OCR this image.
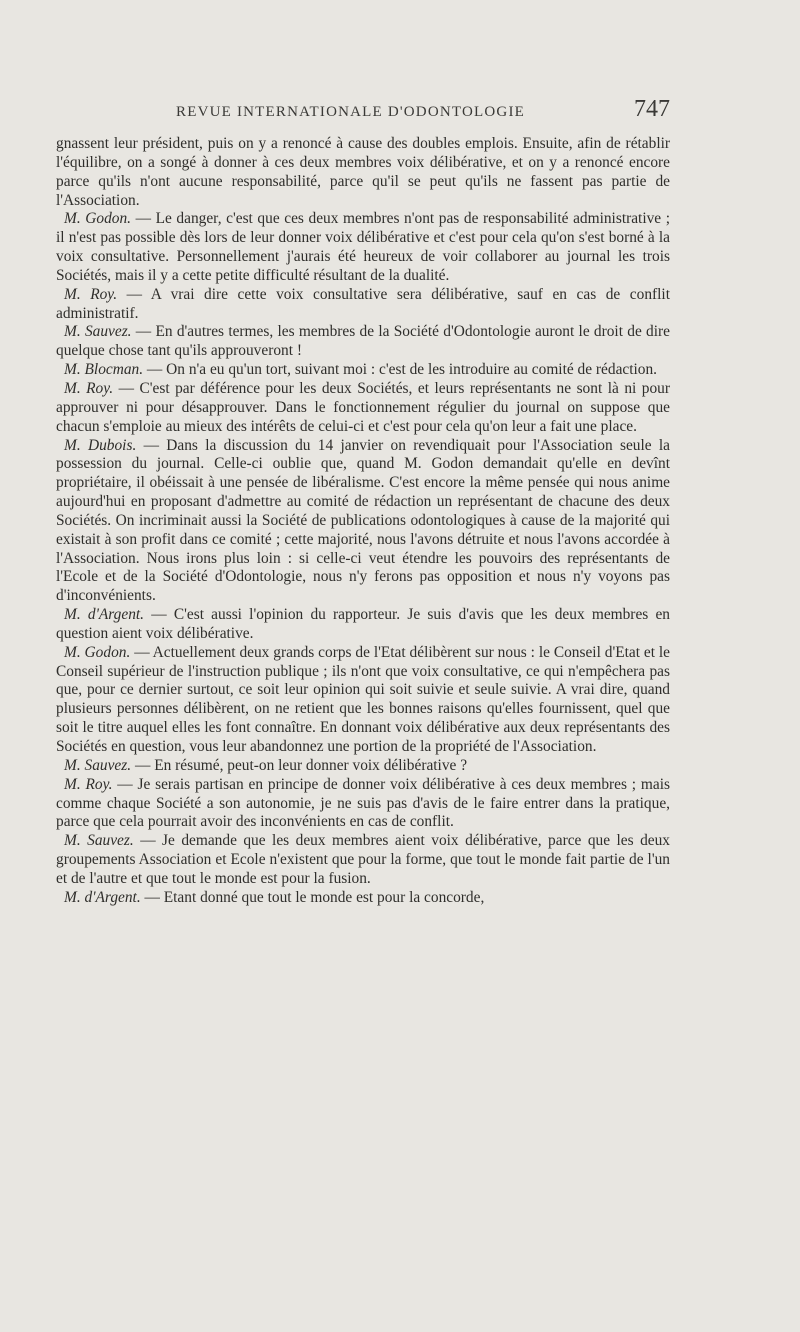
REVUE INTERNATIONALE D'ODONTOLOGIE	747

gnassent leur président, puis on y a renoncé à cause des doubles emplois. Ensuite, afin de rétablir l'équilibre, on a songé à donner à ces deux membres voix délibérative, et on y a renoncé encore parce qu'ils n'ont aucune responsabilité, parce qu'il se peut qu'ils ne fassent pas partie de l'Association.

M. Godon. — Le danger, c'est que ces deux membres n'ont pas de responsabilité administrative ; il n'est pas possible dès lors de leur donner voix délibérative et c'est pour cela qu'on s'est borné à la voix consultative. Personnellement j'aurais été heureux de voir collaborer au journal les trois Sociétés, mais il y a cette petite difficulté résultant de la dualité.

M. Roy. — A vrai dire cette voix consultative sera délibérative, sauf en cas de conflit administratif.

M. Sauvez. — En d'autres termes, les membres de la Société d'Odontologie auront le droit de dire quelque chose tant qu'ils approuveront !

M. Blocman. — On n'a eu qu'un tort, suivant moi : c'est de les introduire au comité de rédaction.

M. Roy. — C'est par déférence pour les deux Sociétés, et leurs représentants ne sont là ni pour approuver ni pour désapprouver. Dans le fonctionnement régulier du journal on suppose que chacun s'emploie au mieux des intérêts de celui-ci et c'est pour cela qu'on leur a fait une place.

M. Dubois. — Dans la discussion du 14 janvier on revendiquait pour l'Association seule la possession du journal. Celle-ci oublie que, quand M. Godon demandait qu'elle en devînt propriétaire, il obéissait à une pensée de libéralisme. C'est encore la même pensée qui nous anime aujourd'hui en proposant d'admettre au comité de rédaction un représentant de chacune des deux Sociétés. On incriminait aussi la Société de publications odontologiques à cause de la majorité qui existait à son profit dans ce comité ; cette majorité, nous l'avons détruite et nous l'avons accordée à l'Association. Nous irons plus loin : si celle-ci veut étendre les pouvoirs des représentants de l'Ecole et de la Société d'Odontologie, nous n'y ferons pas opposition et nous n'y voyons pas d'inconvénients.

M. d'Argent. — C'est aussi l'opinion du rapporteur. Je suis d'avis que les deux membres en question aient voix délibérative.

M. Godon. — Actuellement deux grands corps de l'Etat délibèrent sur nous : le Conseil d'Etat et le Conseil supérieur de l'instruction publique ; ils n'ont que voix consultative, ce qui n'empêchera pas que, pour ce dernier surtout, ce soit leur opinion qui soit suivie et seule suivie. A vrai dire, quand plusieurs personnes délibèrent, on ne retient que les bonnes raisons qu'elles fournissent, quel que soit le titre auquel elles les font connaître. En donnant voix délibérative aux deux représentants des Sociétés en question, vous leur abandonnez une portion de la propriété de l'Association.

M. Sauvez. — En résumé, peut-on leur donner voix délibérative ?

M. Roy. — Je serais partisan en principe de donner voix délibérative à ces deux membres ; mais comme chaque Société a son autonomie, je ne suis pas d'avis de le faire entrer dans la pratique, parce que cela pourrait avoir des inconvénients en cas de conflit.

M. Sauvez. — Je demande que les deux membres aient voix délibérative, parce que les deux groupements Association et Ecole n'existent que pour la forme, que tout le monde fait partie de l'un et de l'autre et que tout le monde est pour la fusion.

M. d'Argent. — Etant donné que tout le monde est pour la concorde,
